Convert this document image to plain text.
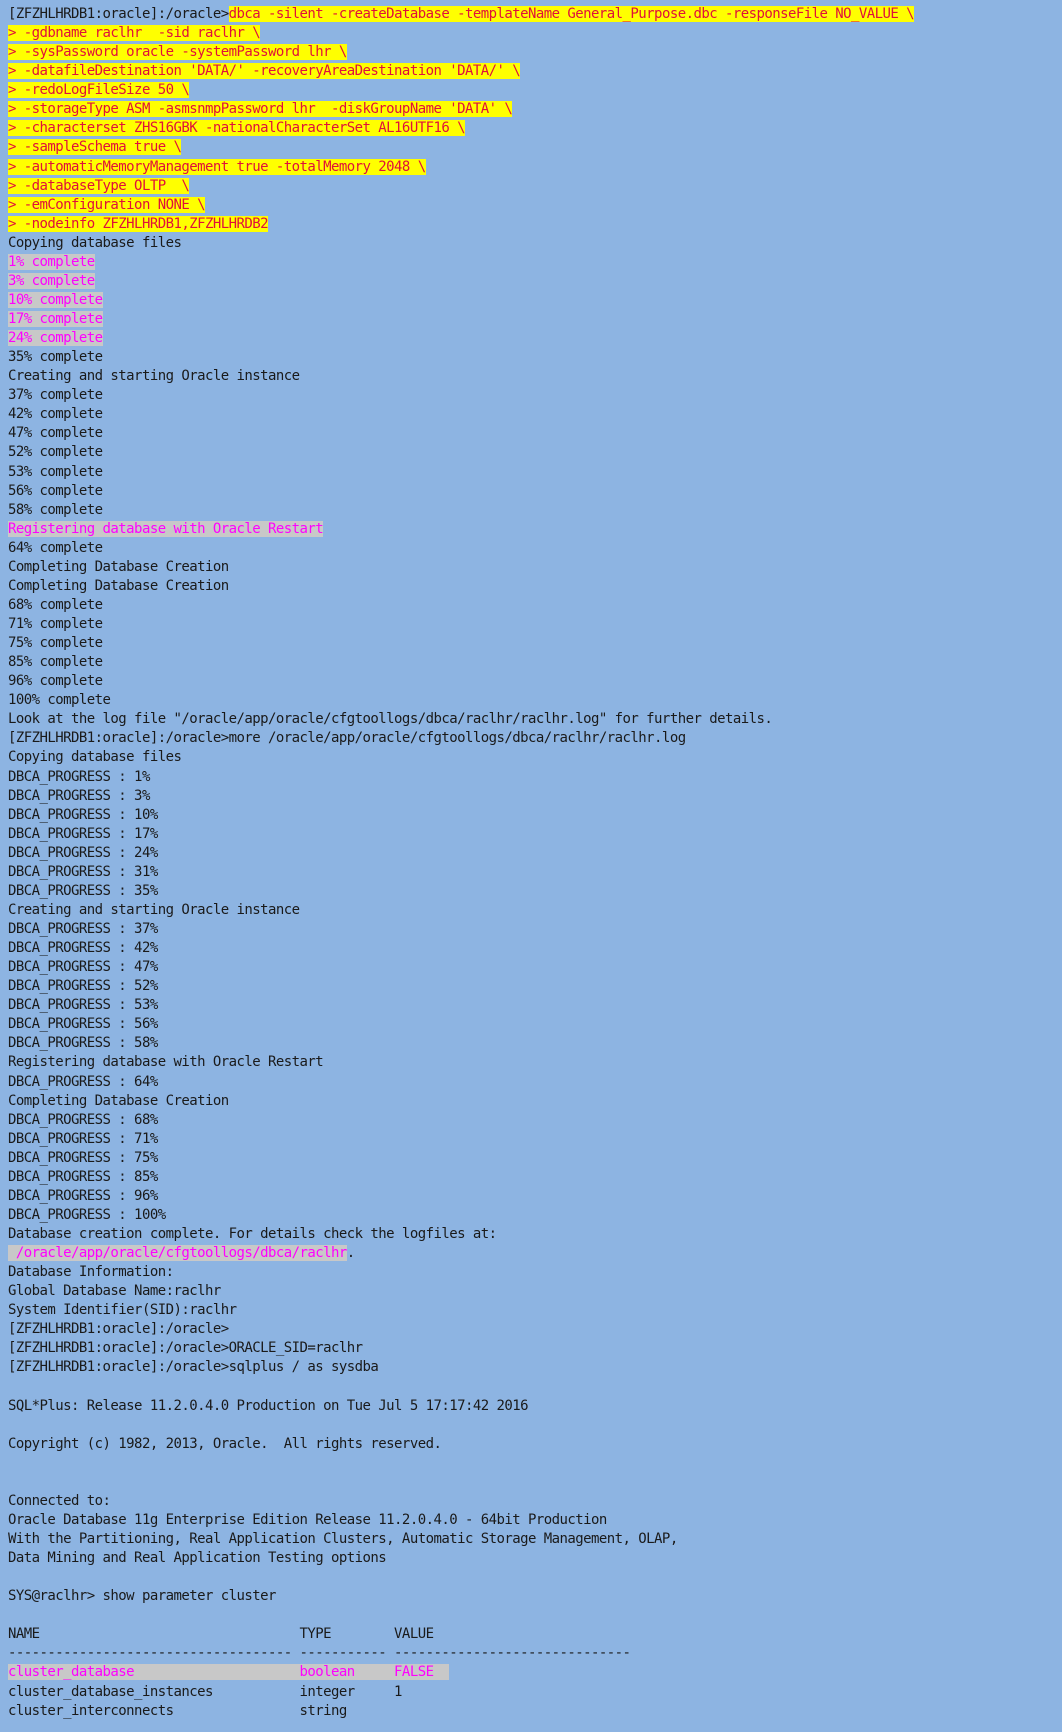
[ZFZHLHRDB1:oracle]:/oracle>dbca -silent -createDatabase -templateName General_Purpose.dbc -responseFile NO_VALUE \
> -gdbname raclhr  -sid raclhr \
> -sysPassword oracle -systemPassword lhr \
> -datafileDestination 'DATA/' -recoveryAreaDestination 'DATA/' \
> -redoLogFileSize 50 \
> -storageType ASM -asmsnmpPassword lhr  -diskGroupName 'DATA' \
> -characterset ZHS16GBK -nationalCharacterSet AL16UTF16 \
> -sampleSchema true \
> -automaticMemoryManagement true -totalMemory 2048 \
> -databaseType OLTP  \
> -emConfiguration NONE \
> -nodeinfo ZFZHLHRDB1,ZFZHLHRDB2
Copying database files
1% complete
3% complete
10% complete
17% complete
24% complete
35% complete
Creating and starting Oracle instance
37% complete
42% complete
47% complete
52% complete
53% complete
56% complete
58% complete
Registering database with Oracle Restart
64% complete
Completing Database Creation
Completing Database Creation
68% complete
71% complete
75% complete
85% complete
96% complete
100% complete
Look at the log file "/oracle/app/oracle/cfgtoollogs/dbca/raclhr/raclhr.log" for further details.
[ZFZHLHRDB1:oracle]:/oracle>more /oracle/app/oracle/cfgtoollogs/dbca/raclhr/raclhr.log
Copying database files
DBCA_PROGRESS : 1%
DBCA_PROGRESS : 3%
DBCA_PROGRESS : 10%
DBCA_PROGRESS : 17%
DBCA_PROGRESS : 24%
DBCA_PROGRESS : 31%
DBCA_PROGRESS : 35%
Creating and starting Oracle instance
DBCA_PROGRESS : 37%
DBCA_PROGRESS : 42%
DBCA_PROGRESS : 47%
DBCA_PROGRESS : 52%
DBCA_PROGRESS : 53%
DBCA_PROGRESS : 56%
DBCA_PROGRESS : 58%
Registering database with Oracle Restart
DBCA_PROGRESS : 64%
Completing Database Creation
DBCA_PROGRESS : 68%
DBCA_PROGRESS : 71%
DBCA_PROGRESS : 75%
DBCA_PROGRESS : 85%
DBCA_PROGRESS : 96%
DBCA_PROGRESS : 100%
Database creation complete. For details check the logfiles at:
/oracle/app/oracle/cfgtoollogs/dbca/raclhr.
Database Information:
Global Database Name:raclhr
System Identifier(SID):raclhr
[ZFZHLHRDB1:oracle]:/oracle>
[ZFZHLHRDB1:oracle]:/oracle>ORACLE_SID=raclhr
[ZFZHLHRDB1:oracle]:/oracle>sqlplus / as sysdba
SQL*Plus: Release 11.2.0.4.0 Production on Tue Jul 5 17:17:42 2016
Copyright (c) 1982, 2013, Oracle.  All rights reserved.
Connected to:
Oracle Database 11g Enterprise Edition Release 11.2.0.4.0 - 64bit Production
With the Partitioning, Real Application Clusters, Automatic Storage Management, OLAP,
Data Mining and Real Application Testing options
SYS@raclhr> show parameter cluster
NAME                                 TYPE        VALUE
------------------------------------ ----------- ------------------------------
cluster_database                     boolean     FALSE
cluster_database_instances           integer     1
cluster_interconnects                string
